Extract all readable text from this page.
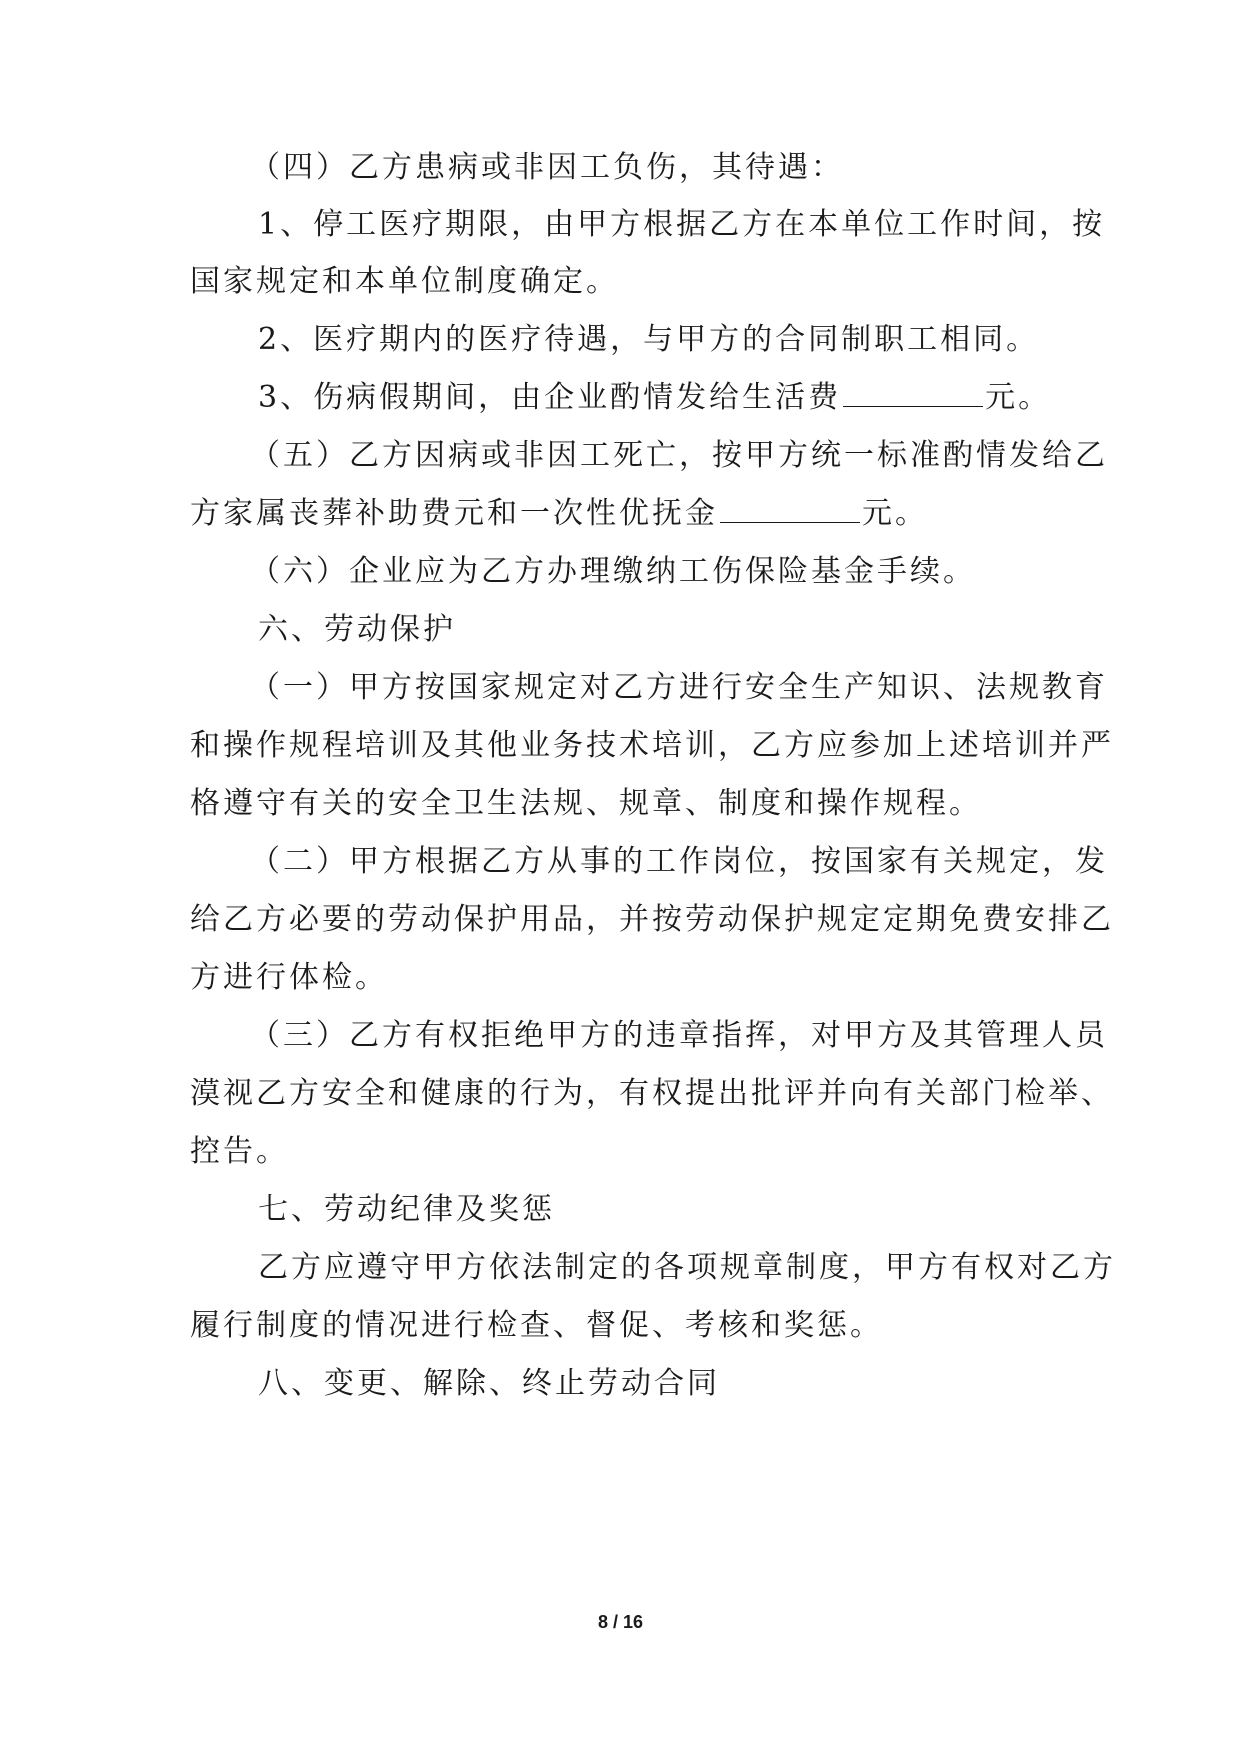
（四）乙方患病或非因工负伤，其待遇：
1、停工医疗期限，由甲方根据乙方在本单位工作时间，按
国家规定和本单位制度确定。
2、医疗期内的医疗待遇，与甲方的合同制职工相同。
3、伤病假期间，由企业酌情发给生活费	元。
（五）乙方因病或非因工死亡，按甲方统一标准酌情发给乙
方家属丧葬补助费元和一次性优抚金	元。
（六）企业应为乙方办理缴纳工伤保险基金手续。
六、劳动保护
（一）甲方按国家规定对乙方进行安全生产知识、法规教育
和操作规程培训及其他业务技术培训，乙方应参加上述培训并严
格遵守有关的安全卫生法规、规章、制度和操作规程。
（二）甲方根据乙方从事的工作岗位，按国家有关规定，发
给乙方必要的劳动保护用品，并按劳动保护规定定期免费安排乙
方进行体检。
（三）乙方有权拒绝甲方的违章指挥，对甲方及其管理人员
漠视乙方安全和健康的行为，有权提出批评并向有关部门检举、
控告。
七、劳动纪律及奖惩
乙方应遵守甲方依法制定的各项规章制度，甲方有权对乙方
履行制度的情况进行检查、督促、考核和奖惩。
八、变更、解除、终止劳动合同
8 / 16
